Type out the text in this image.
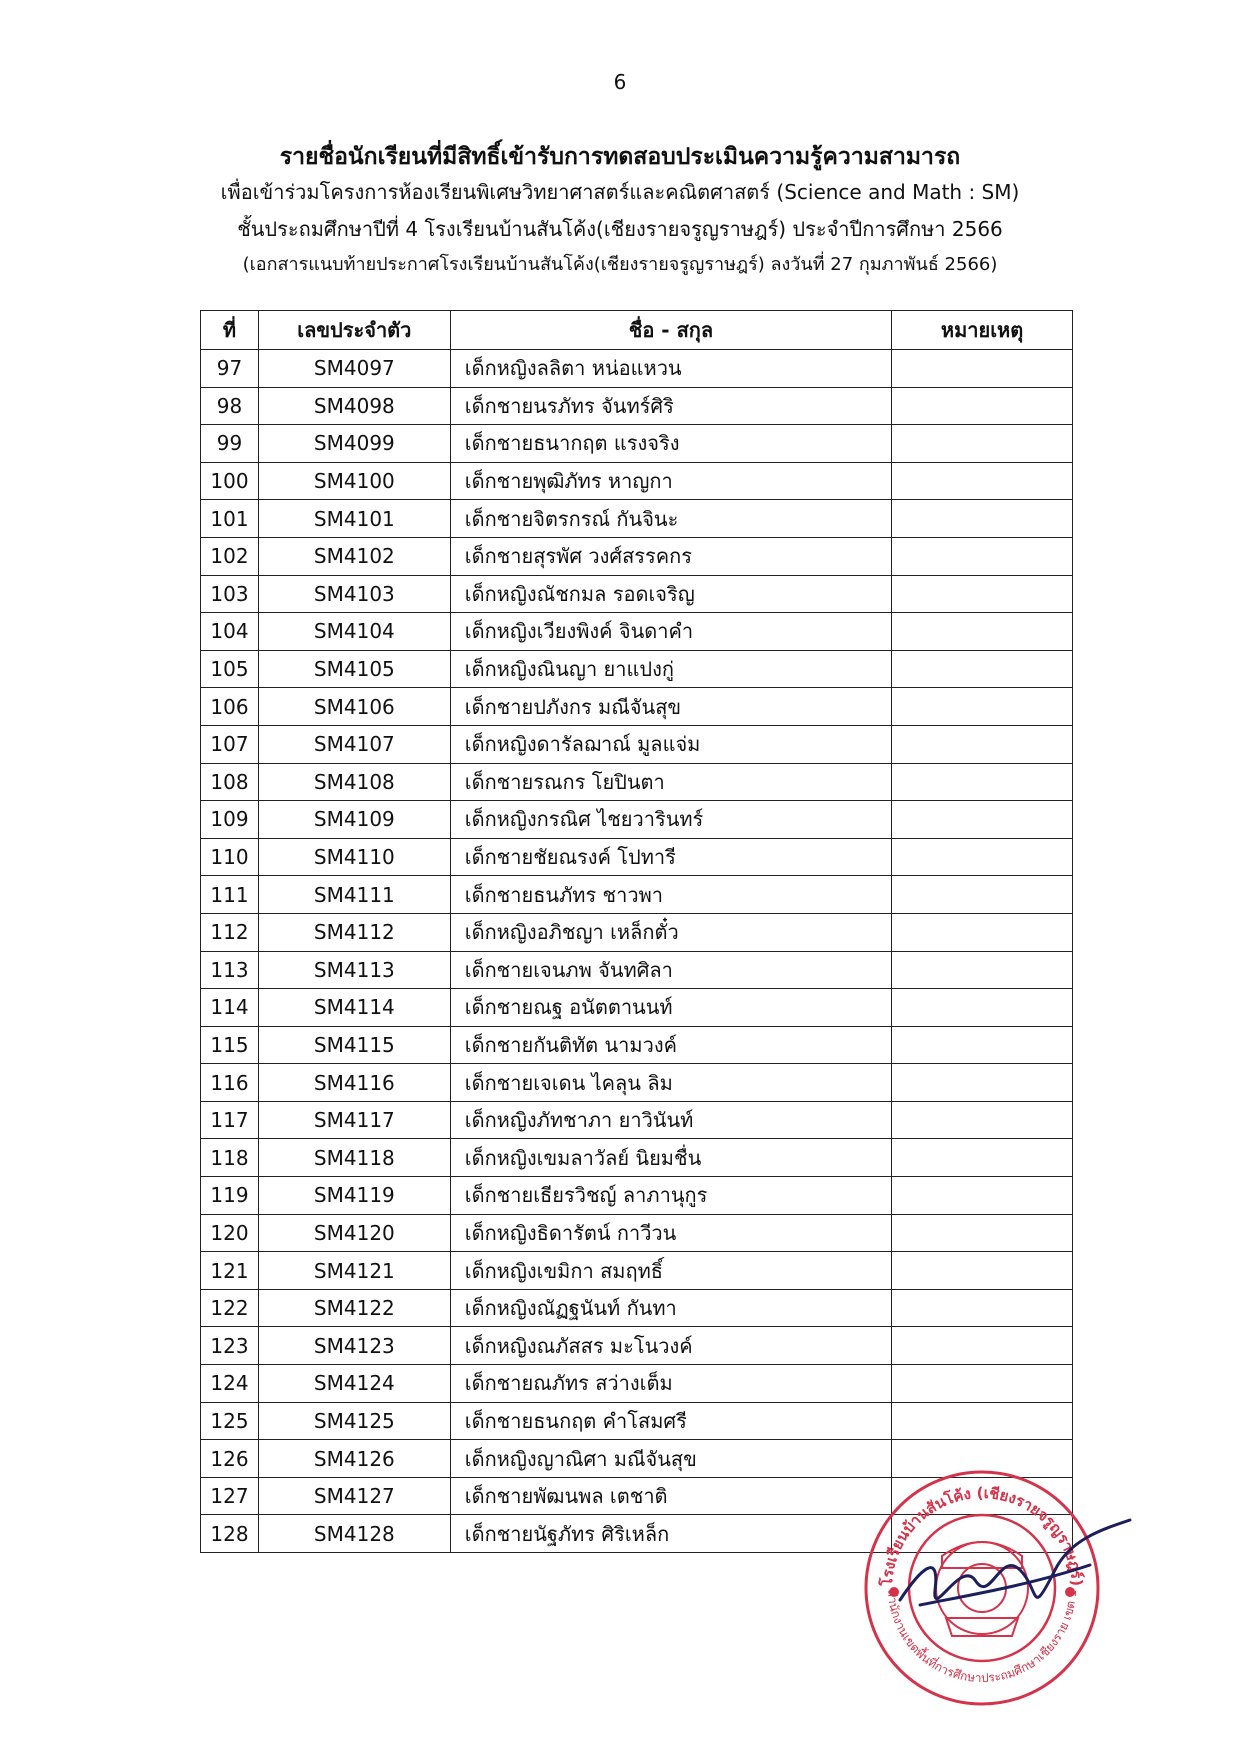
6
รายชื่อนักเรียนที่มีสิทธิ์เข้ารับการทดสอบประเมินความรู้ความสามารถ
เพื่อเข้าร่วมโครงการห้องเรียนพิเศษวิทยาศาสตร์และคณิตศาสตร์ (Science and Math : SM)
ชั้นประถมศึกษาปีที่ 4 โรงเรียนบ้านสันโค้ง(เชียงรายจรูญราษฎร์) ประจำปีการศึกษา 2566
(เอกสารแนบท้ายประกาศโรงเรียนบ้านสันโค้ง(เชียงรายจรูญราษฎร์) ลงวันที่ 27 กุมภาพันธ์ 2566)
ที่	เลขประจำตัว	ชื่อ - สกุล	หมายเหตุ
97	SM4097	เด็กหญิงลลิตา หน่อแหวน	
98	SM4098	เด็กชายนรภัทร จันทร์ศิริ	
99	SM4099	เด็กชายธนากฤต แรงจริง	
100	SM4100	เด็กชายพุฒิภัทร หาญกา	
101	SM4101	เด็กชายจิตรกรณ์ กันจินะ	
102	SM4102	เด็กชายสุรพัศ วงศ์สรรคกร	
103	SM4103	เด็กหญิงณัชกมล รอดเจริญ	
104	SM4104	เด็กหญิงเวียงพิงค์ จินดาคำ	
105	SM4105	เด็กหญิงณินญา ยาแปงกู่	
106	SM4106	เด็กชายปภังกร มณีจันสุข	
107	SM4107	เด็กหญิงดารัลฌาณ์ มูลแจ่ม	
108	SM4108	เด็กชายรณกร โยปินตา	
109	SM4109	เด็กหญิงกรณิศ ไชยวารินทร์	
110	SM4110	เด็กชายชัยณรงค์ โปทารี	
111	SM4111	เด็กชายธนภัทร ชาวพา	
112	SM4112	เด็กหญิงอภิชญา เหล็กตั๋ว	
113	SM4113	เด็กชายเจนภพ จันทศิลา	
114	SM4114	เด็กชายณฐ อนัตตานนท์	
115	SM4115	เด็กชายกันติทัต นามวงค์	
116	SM4116	เด็กชายเจเดน ไคลุน ลิม	
117	SM4117	เด็กหญิงภัทชาภา ยาวินันท์	
118	SM4118	เด็กหญิงเขมลาวัลย์ นิยมชื่น	
119	SM4119	เด็กชายเธียรวิชญ์ ลาภานุกูร	
120	SM4120	เด็กหญิงธิดารัตน์ กาวีวน	
121	SM4121	เด็กหญิงเขมิกา สมฤทธิ์	
122	SM4122	เด็กหญิงณัฏฐนันท์ กันทา	
123	SM4123	เด็กหญิงณภัสสร มะโนวงค์	
124	SM4124	เด็กชายณภัทร สว่างเต็ม	
125	SM4125	เด็กชายธนกฤต คำโสมศรี	
126	SM4126	เด็กหญิงญาณิศา มณีจันสุข	
127	SM4127	เด็กชายพัฒนพล เตชาติ	
128	SM4128	เด็กชายนัฐภัทร ศิริเหล็ก	
โรงเรียนบ้านสันโค้ง (เชียงรายจรูญราษฎร์)
สำนักงานเขตพื้นที่การศึกษาประถมศึกษาเชียงราย เขต 1
